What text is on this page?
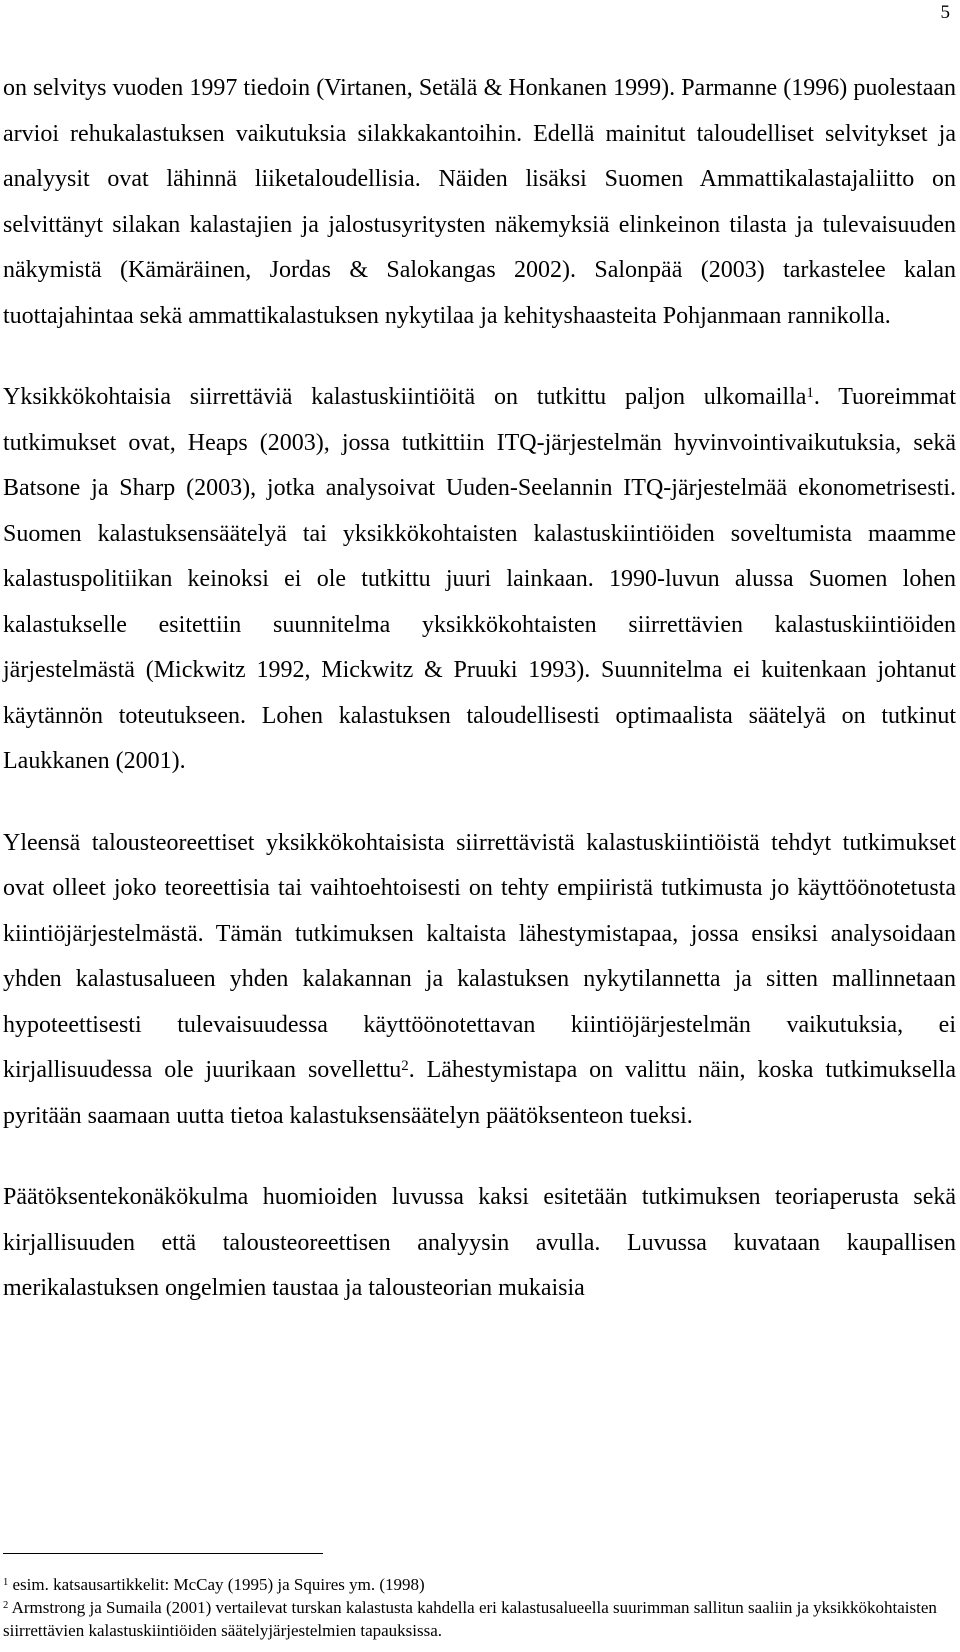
5

on selvitys vuoden 1997 tiedoin (Virtanen, Setälä & Honkanen 1999). Parmanne (1996) puolestaan arvioi rehukalastuksen vaikutuksia silakkakantoihin. Edellä mainitut taloudelliset selvitykset ja analyysit ovat lähinnä liiketaloudellisia. Näiden lisäksi Suomen Ammattikalastajaliitto on selvittänyt silakan kalastajien ja jalostusyritysten näkemyksiä elinkeinon tilasta ja tulevaisuuden näkymistä (Kämäräinen, Jordas & Salokangas 2002). Salonpää (2003) tarkastelee kalan tuottajahintaa sekä ammattikalastuksen nykytilaa ja kehityshaasteita Pohjanmaan rannikolla.

Yksikkökohtaisia siirrettäviä kalastuskiintiöitä on tutkittu paljon ulkomailla$^1$. Tuoreimmat tutkimukset ovat, Heaps (2003), jossa tutkittiin ITQ-järjestelmän hyvinvointivaikutuksia, sekä Batsone ja Sharp (2003), jotka analysoivat Uuden-Seelannin ITQ-järjestelmää ekonometrisesti. Suomen kalastuksensäätelyä tai yksikkökohtaisten kalastuskiintiöiden soveltumista maamme kalastuspolitiikan keinoksi ei ole tutkittu juuri lainkaan. 1990-luvun alussa Suomen lohen kalastukselle esitettiin suunnitelma yksikkökohtaisten siirrettävien kalastuskiintiöiden järjestelmästä (Mickwitz 1992, Mickwitz & Pruuki 1993). Suunnitelma ei kuitenkaan johtanut käytännön toteutukseen. Lohen kalastuksen taloudellisesti optimaalista säätelyä on tutkinut Laukkanen (2001).

Yleensä talousteoreettiset yksikkökohtaisista siirrettävistä kalastuskiintiöistä tehdyt tutkimukset ovat olleet joko teoreettisia tai vaihtoehtoisesti on tehty empiiristä tutkimusta jo käyttöönotetusta kiintiöjärjestelmästä. Tämän tutkimuksen kaltaista lähestymistapaa, jossa ensiksi analysoidaan yhden kalastusalueen yhden kalakannan ja kalastuksen nykytilannetta ja sitten mallinnetaan hypoteettisesti tulevaisuudessa käyttöönotettavan kiintiöjärjestelmän vaikutuksia, ei kirjallisuudessa ole juurikaan sovellettu$^2$. Lähestymistapa on valittu näin, koska tutkimuksella pyritään saamaan uutta tietoa kalastuksensäätelyn päätöksenteon tueksi.

Päätöksentekonäkökulma huomioiden luvussa kaksi esitetään tutkimuksen teoriaperusta sekä kirjallisuuden että talousteoreettisen analyysin avulla. Luvussa kuvataan kaupallisen merikalastuksen ongelmien taustaa ja talousteorian mukaisia

$^1$ esim. katsausartikkelit: McCay (1995) ja Squires ym. (1998)

$^2$ Armstrong ja Sumaila (2001) vertailevat turskan kalastusta kahdella eri kalastusalueella suurimman sallitun saaliin ja yksikkökohtaisten siirrettävien kalastuskiintiöiden säätelyjärjestelmien tapauksissa.
